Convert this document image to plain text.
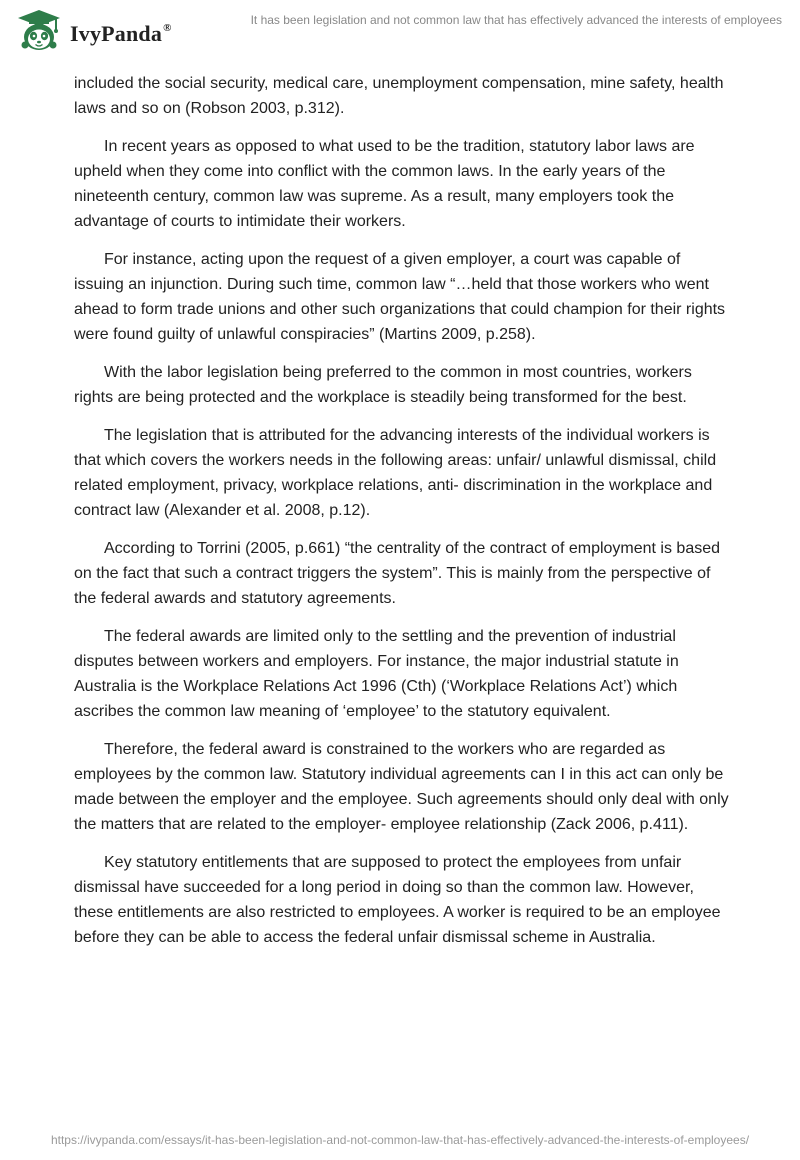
IvyPanda®
It has been legislation and not common law that has effectively advanced the interests of employees

included the social security, medical care, unemployment compensation, mine safety, health laws and so on (Robson 2003, p.312).

In recent years as opposed to what used to be the tradition, statutory labor laws are upheld when they come into conflict with the common laws. In the early years of the nineteenth century, common law was supreme. As a result, many employers took the advantage of courts to intimidate their workers.

For instance, acting upon the request of a given employer, a court was capable of issuing an injunction. During such time, common law “…held that those workers who went ahead to form trade unions and other such organizations that could champion for their rights were found guilty of unlawful conspiracies” (Martins 2009, p.258).

With the labor legislation being preferred to the common in most countries, workers rights are being protected and the workplace is steadily being transformed for the best.

The legislation that is attributed for the advancing interests of the individual workers is that which covers the workers needs in the following areas: unfair/ unlawful dismissal, child related employment, privacy, workplace relations, anti- discrimination in the workplace and contract law (Alexander et al. 2008, p.12).

According to Torrini (2005, p.661) “the centrality of the contract of employment is based on the fact that such a contract triggers the system”. This is mainly from the perspective of the federal awards and statutory agreements.

The federal awards are limited only to the settling and the prevention of industrial disputes between workers and employers. For instance, the major industrial statute in Australia is the Workplace Relations Act 1996 (Cth) (‘Workplace Relations Act’) which ascribes the common law meaning of ‘employee’ to the statutory equivalent.

Therefore, the federal award is constrained to the workers who are regarded as employees by the common law. Statutory individual agreements can I in this act can only be made between the employer and the employee. Such agreements should only deal with only the matters that are related to the employer- employee relationship (Zack 2006, p.411).

Key statutory entitlements that are supposed to protect the employees from unfair dismissal have succeeded for a long period in doing so than the common law. However, these entitlements are also restricted to employees. A worker is required to be an employee before they can be able to access the federal unfair dismissal scheme in Australia.

https://ivypanda.com/essays/it-has-been-legislation-and-not-common-law-that-has-effectively-advanced-the-interests-of-employees/
